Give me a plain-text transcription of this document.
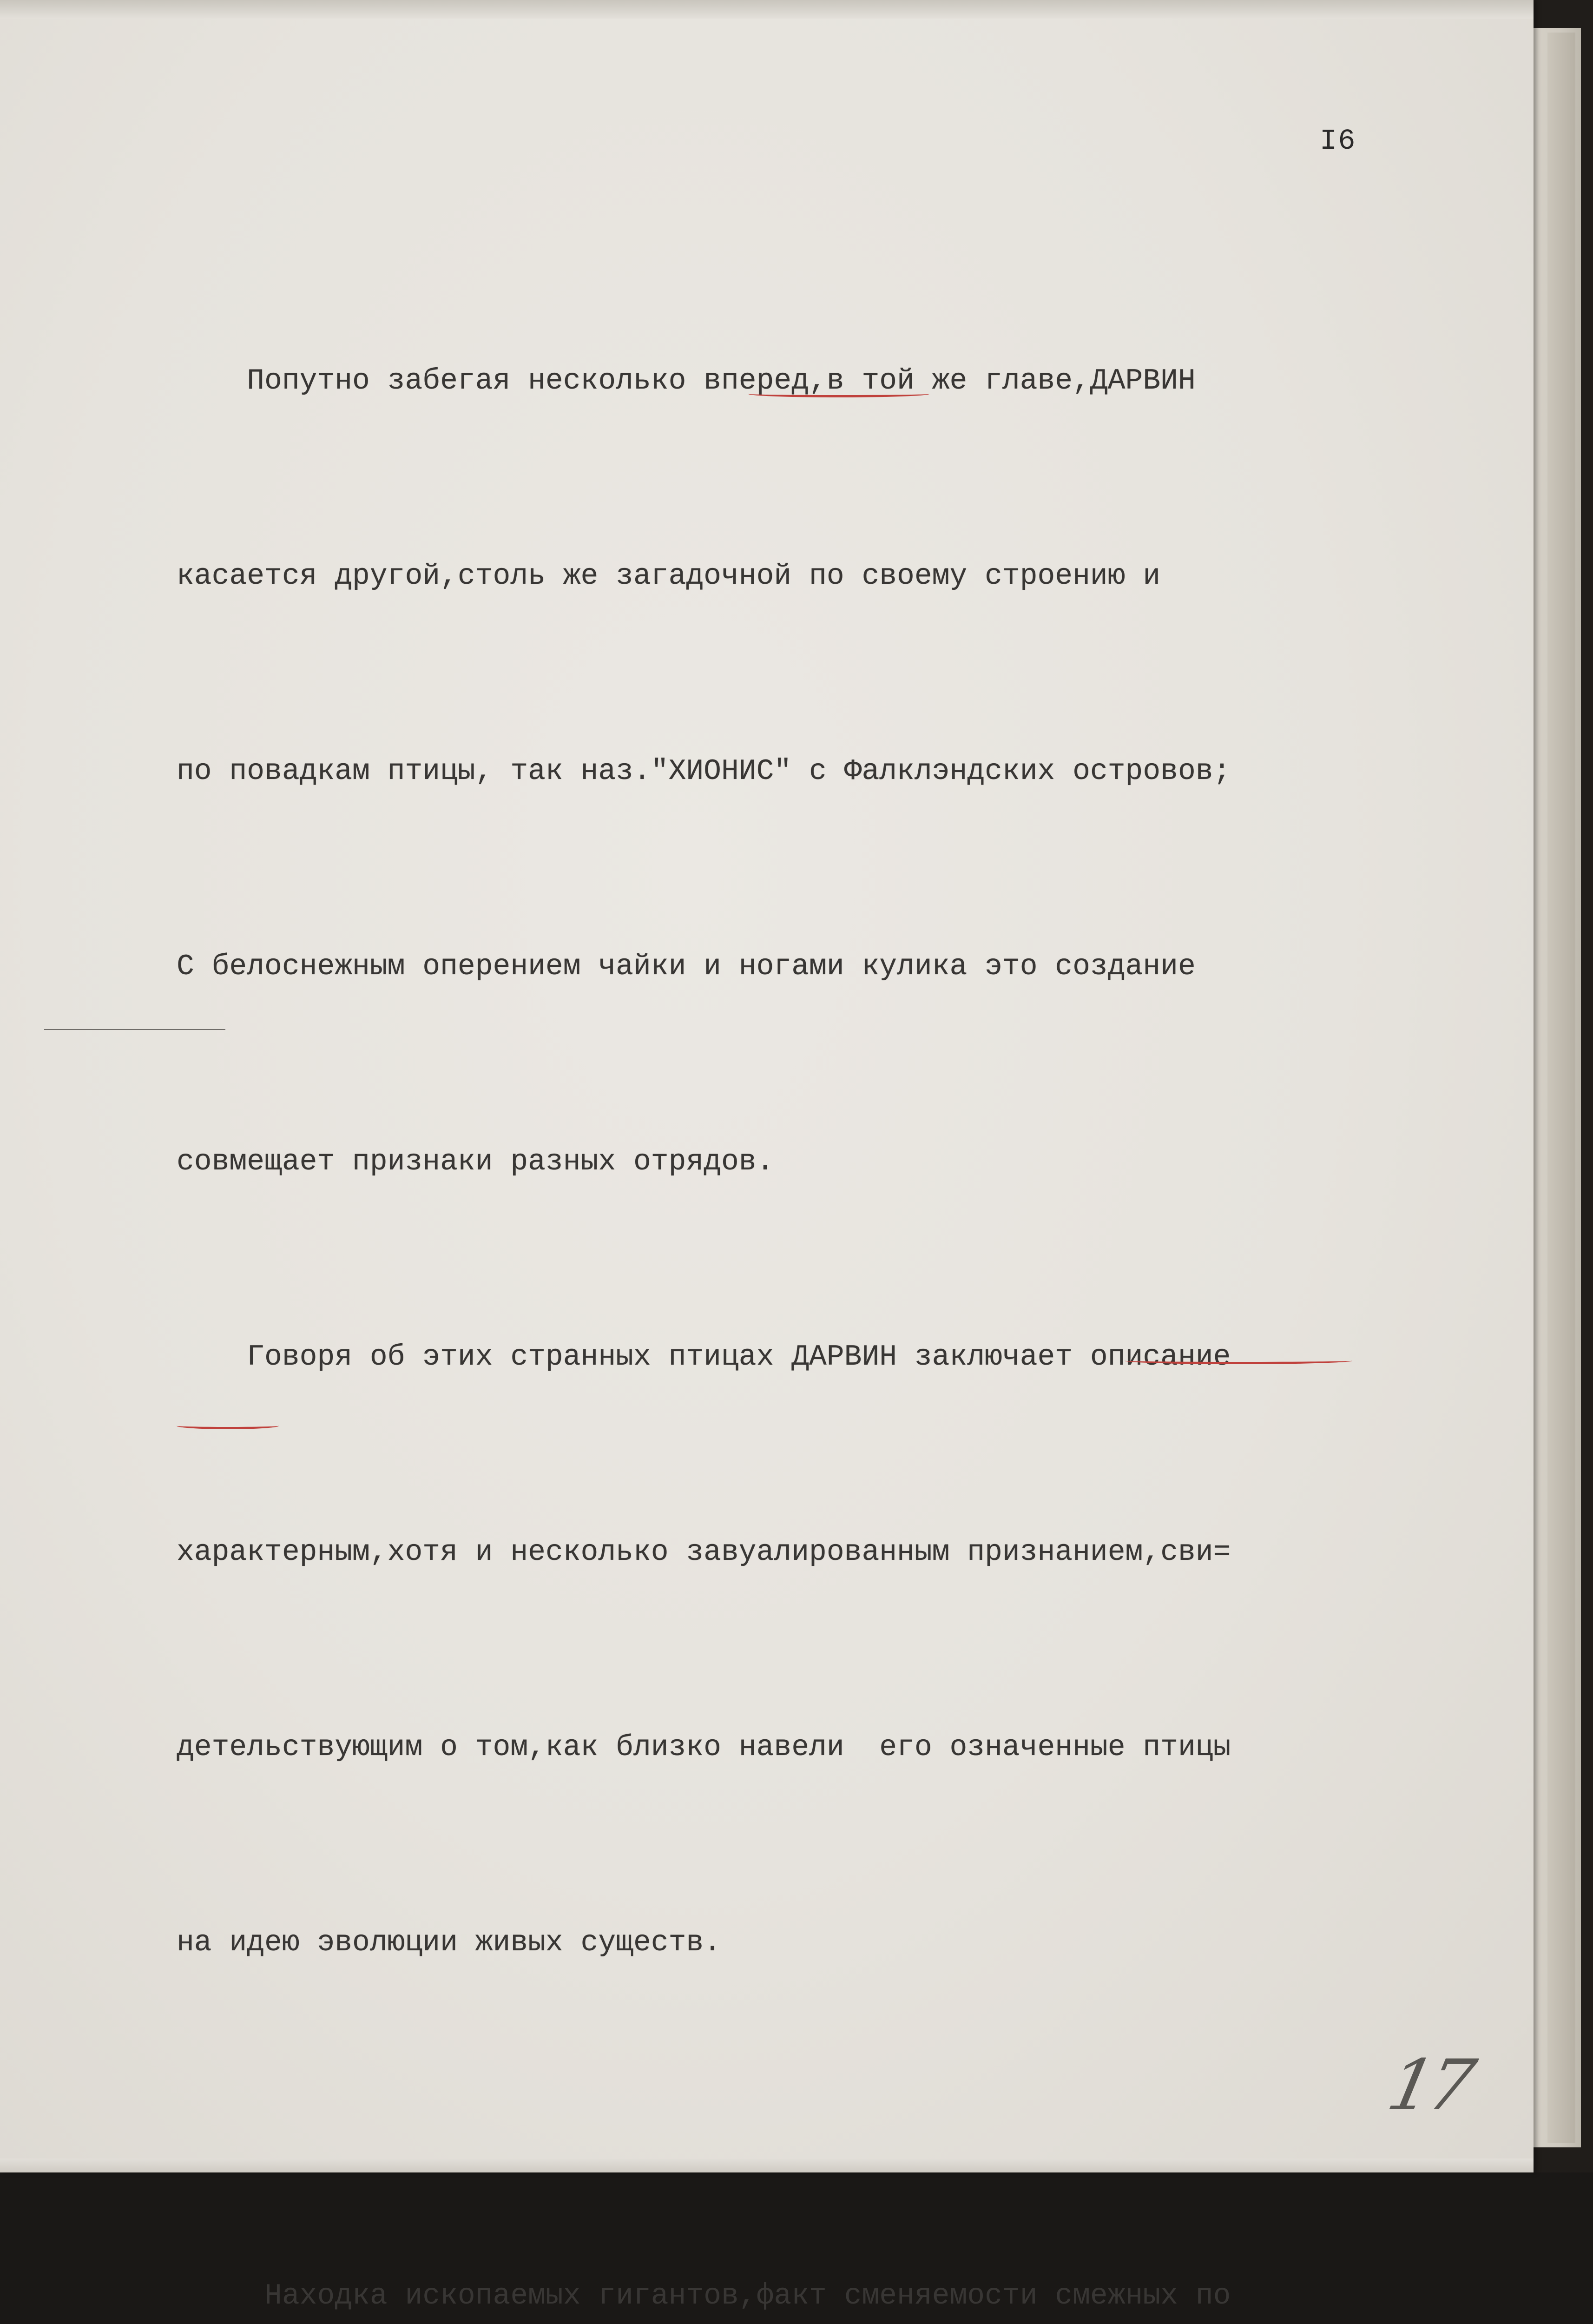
I6

Попутно забегая несколько вперед,в той же главе,ДАРВИН

касается другой,столь же загадочной по своему строению и

по повадкам птицы, так наз."ХИОНИС" с Фалклэндских островов;

С белоснежным оперением чайки и ногами кулика это создание

совмещает признаки разных отрядов.

Говоря об этих странных птицах ДАРВИН заключает описание

характерным,хотя и несколько завуалированным признанием,сви=

детельствующим о том,как близко навели  его означенные птицы

на идею эволюции живых существ.

Находка ископаемых гигантов,факт сменяемости смежных по

17
